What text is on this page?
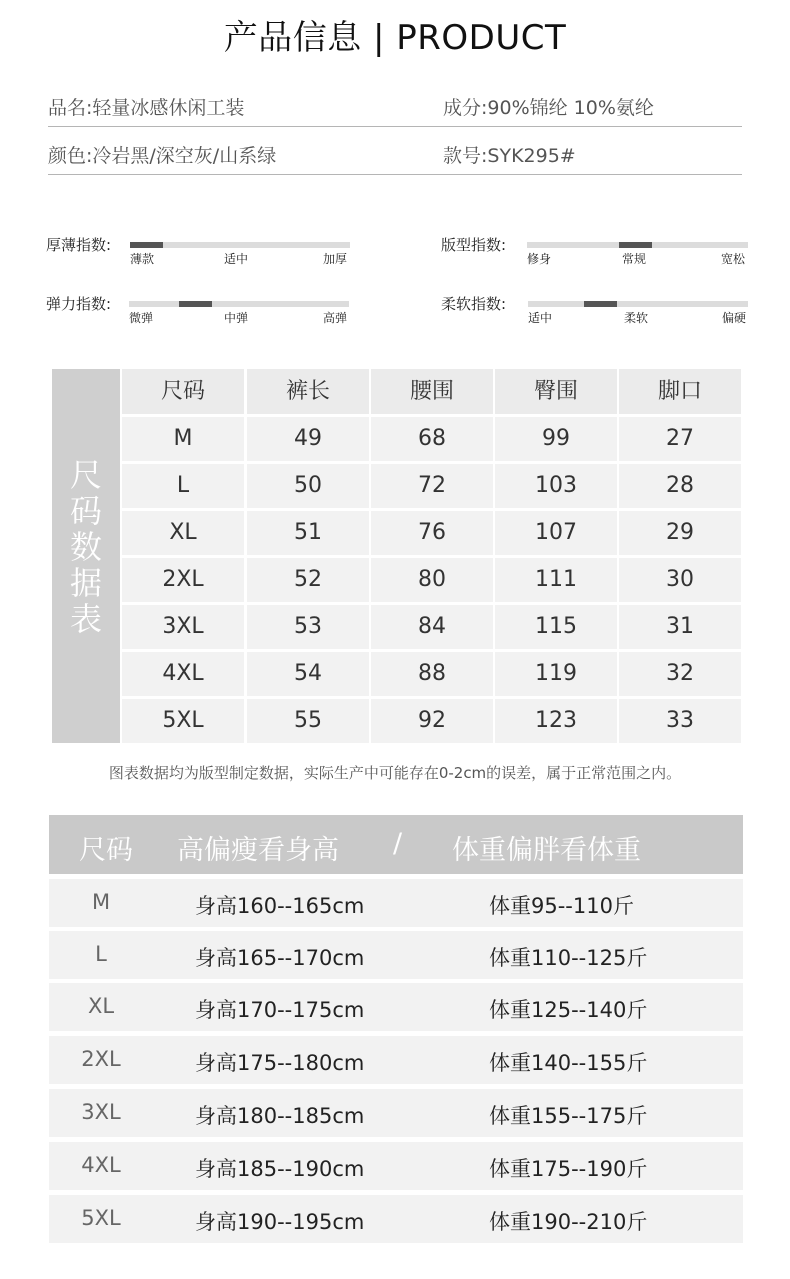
产品信息 | PRODUCT
品名:轻量冰感休闲工装	成分:90%锦纶 10%氨纶
颜色:冷岩黑/深空灰/山系绿	款号:SYK295#
厚薄指数:
薄款	适中	加厚
版型指数:
修身	常规	宽松
弹力指数:
微弹	中弹	高弹
柔软指数:
适中	柔软	偏硬
尺
码
数
据
表
尺码	裤长	腰围	臀围	脚口
M	49	68	99	27
L	50	72	103	28
XL	51	76	107	29
2XL	52	80	111	30
3XL	53	84	115	31
4XL	54	88	119	32
5XL	55	92	123	33
图表数据均为版型制定数据，实际生产中可能存在0-2cm的误差，属于正常范围之内。
尺码 高偏瘦看身高 / 体重偏胖看体重
M	身高160--165cm	体重95--110斤
L	身高165--170cm	体重110--125斤
XL	身高170--175cm	体重125--140斤
2XL	身高175--180cm	体重140--155斤
3XL	身高180--185cm	体重155--175斤
4XL	身高185--190cm	体重175--190斤
5XL	身高190--195cm	体重190--210斤
